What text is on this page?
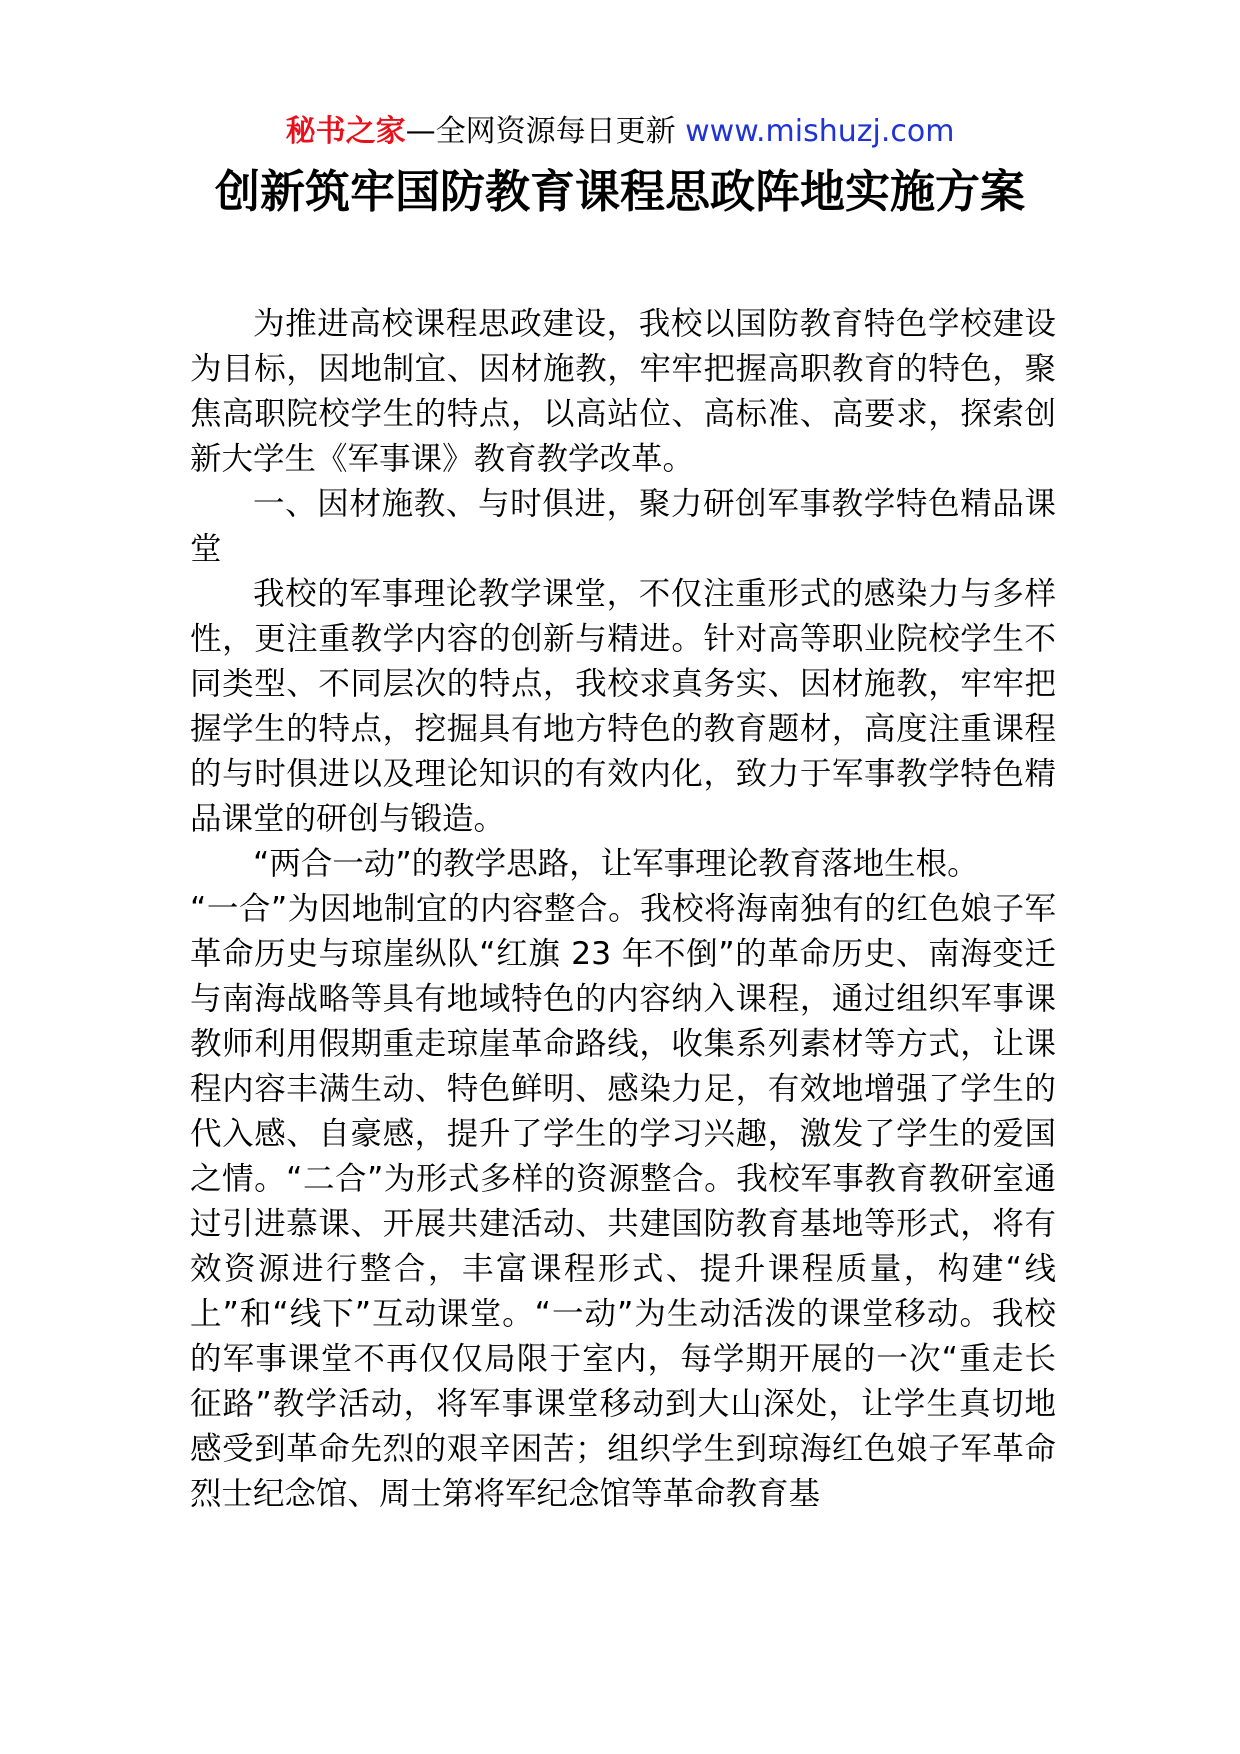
秘书之家—全网资源每日更新 www.mishuzj.com
创新筑牢国防教育课程思政阵地实施方案

为推进高校课程思政建设，我校以国防教育特色学校建设 为目标，因地制宜、因材施教，牢牢把握高职教育的特色，聚 焦高职院校学生的特点，以高站位、高标准、高要求，探索创 新大学生《军事课》教育教学改革。

一、因材施教、与时俱进，聚力研创军事教学特色精品课堂

我校的军事理论教学课堂，不仅注重形式的感染力与多样性，更注重教学内容的创新与精进。针对高等职业院校学生不 同类型、不同层次的特点，我校求真务实、因材施教，牢牢把 握学生的特点，挖掘具有地方特色的教育题材，高度注重课程 的与时俱进以及理论知识的有效内化，致力于军事教学特色精 品课堂的研创与锻造。

“两合一动”的教学思路，让军事理论教育落地生根。

“一合”为因地制宜的内容整合。我校将海南独有的红色娘子军革命历史与琼崖纵队“红旗 23 年不倒”的革命历史、南海变迁与南海战略等具有地域特色的内容纳入课程，通过组织军事课教师利用假期重走琼崖革命路线，收集系列素材等方式，让课程内容丰满生动、特色鲜明、感染力足，有效地增强了学生的代入感、自豪感，提升了学生的学习兴趣，激发了学生的爱国之情。“二合”为形式多样的资源整合。我校军事教育教研室通过引进慕课、开展共建活动、共建国防教育基地等形式，将有效资源进行整合，丰富课程形式、提升课程质量，构建“线上”和“线下”互动课堂。“一动”为生动活泼的课堂移动。我校的军事课堂不再仅仅局限于室内，每学期开展的一次“重走长征路”教学活动，将军事课堂移动到大山深处，让学生真切地感受到革命先烈的艰辛困苦；组织学生到琼海红色娘子军革命烈士纪念馆、周士第将军纪念馆等革命教育基
